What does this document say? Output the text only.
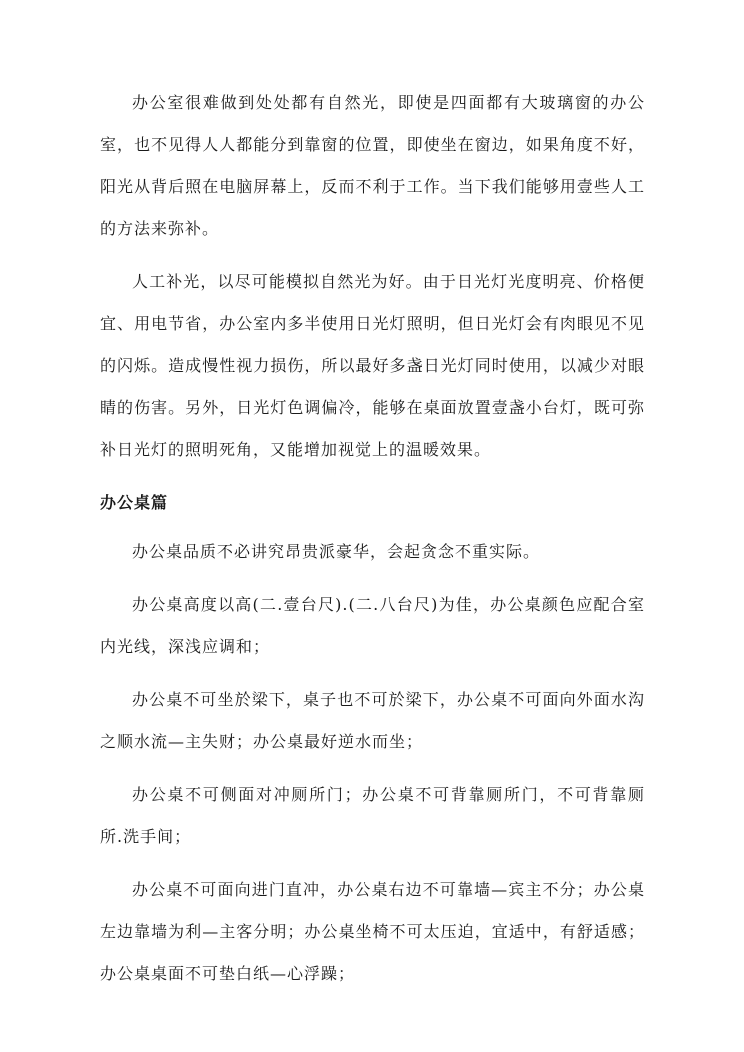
办公室很难做到处处都有自然光，即使是四面都有大玻璃窗的办公室，也不见得人人都能分到靠窗的位置，即使坐在窗边，如果角度不好，阳光从背后照在电脑屏幕上，反而不利于工作。当下我们能够用壹些人工的方法来弥补。

人工补光，以尽可能模拟自然光为好。由于日光灯光度明亮、价格便宜、用电节省，办公室内多半使用日光灯照明，但日光灯会有肉眼见不见的闪烁。造成慢性视力损伤，所以最好多盏日光灯同时使用，以减少对眼睛的伤害。另外，日光灯色调偏冷，能够在桌面放置壹盏小台灯，既可弥补日光灯的照明死角，又能增加视觉上的温暖效果。

办公桌篇

办公桌品质不必讲究昂贵派豪华，会起贪念不重实际。

办公桌高度以高(二.壹台尺).(二.八台尺)为佳，办公桌颜色应配合室内光线，深浅应调和；

办公桌不可坐於梁下，桌子也不可於梁下，办公桌不可面向外面水沟之顺水流—主失财；办公桌最好逆水而坐；

办公桌不可侧面对冲厕所门；办公桌不可背靠厕所门，不可背靠厕所.洗手间；

办公桌不可面向进门直冲，办公桌右边不可靠墙—宾主不分；办公桌左边靠墙为利—主客分明；办公桌坐椅不可太压迫，宜适中，有舒适感；办公桌桌面不可垫白纸—心浮躁；
